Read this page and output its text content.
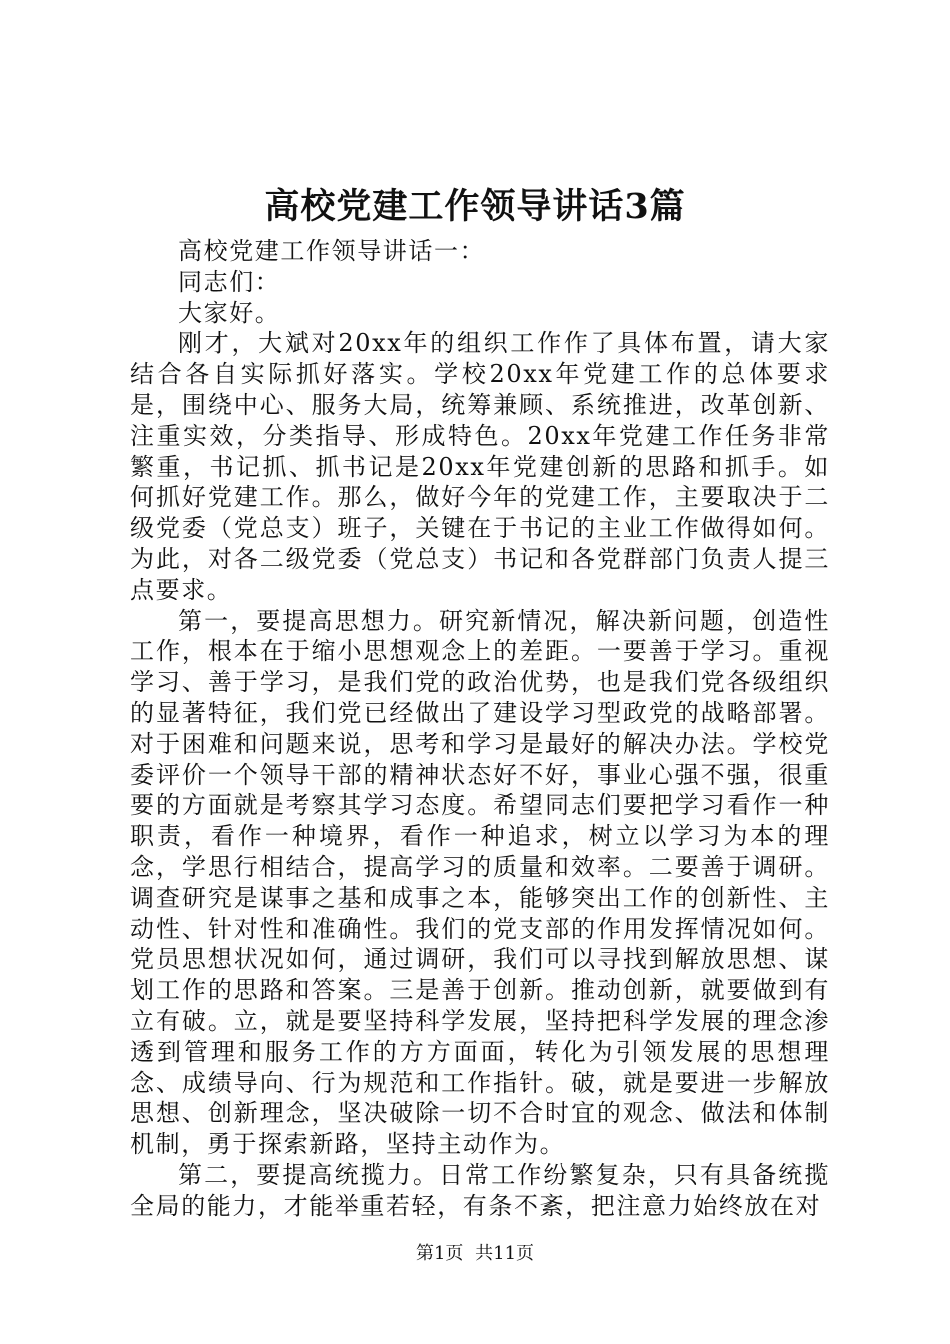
高校党建工作领导讲话3篇

高校党建工作领导讲话一：

同志们：

大家好。

刚才，大斌对20xx年的组织工作作了具体布置，请大家结合各自实际抓好落实。学校20xx年党建工作的总体要求是，围绕中心、服务大局，统筹兼顾、系统推进，改革创新、注重实效，分类指导、形成特色。20xx年党建工作任务非常繁重，书记抓、抓书记是20xx年党建创新的思路和抓手。如何抓好党建工作。那么，做好今年的党建工作，主要取决于二级党委（党总支）班子，关键在于书记的主业工作做得如何。为此，对各二级党委（党总支）书记和各党群部门负责人提三点要求。

第一，要提高思想力。研究新情况，解决新问题，创造性工作，根本在于缩小思想观念上的差距。一要善于学习。重视学习、善于学习，是我们党的政治优势，也是我们党各级组织的显著特征，我们党已经做出了建设学习型政党的战略部署。对于困难和问题来说，思考和学习是最好的解决办法。学校党委评价一个领导干部的精神状态好不好，事业心强不强，很重要的方面就是考察其学习态度。希望同志们要把学习看作一种职责，看作一种境界，看作一种追求，树立以学习为本的理念，学思行相结合，提高学习的质量和效率。二要善于调研。调查研究是谋事之基和成事之本，能够突出工作的创新性、主动性、针对性和准确性。我们的党支部的作用发挥情况如何。党员思想状况如何，通过调研，我们可以寻找到解放思想、谋划工作的思路和答案。三是善于创新。推动创新，就要做到有立有破。立，就是要坚持科学发展，坚持把科学发展的理念渗透到管理和服务工作的方方面面，转化为引领发展的思想理念、成绩导向、行为规范和工作指针。破，就是要进一步解放思想、创新理念，坚决破除一切不合时宜的观念、做法和体制机制，勇于探索新路，坚持主动作为。

第二，要提高统揽力。日常工作纷繁复杂，只有具备统揽全局的能力，才能举重若轻，有条不紊，把注意力始终放在对

第1页 共11页
